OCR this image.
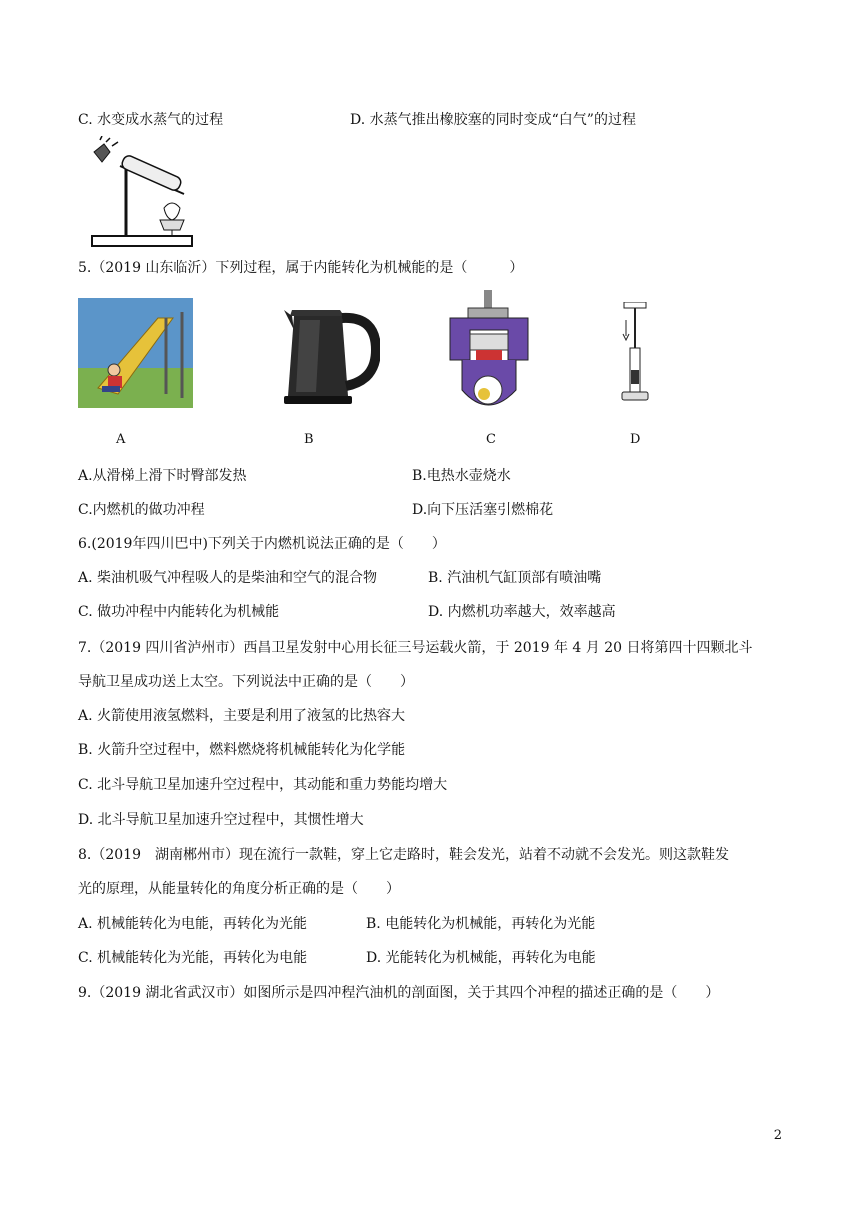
C. 水变成水蒸气的过程	D. 水蒸气推出橡胶塞的同时变成“白气”的过程
5.（2019 山东临沂）下列过程，属于内能转化为机械能的是（　　　）
A	B	C	D
A.从滑梯上滑下时臀部发热	B.电热水壶烧水
C.内燃机的做功冲程	D.向下压活塞引燃棉花
6.(2019年四川巴中)下列关于内燃机说法正确的是（　　）
A. 柴油机吸气冲程吸人的是柴油和空气的混合物	B. 汽油机气缸顶部有喷油嘴
C. 做功冲程中内能转化为机械能	D. 内燃机功率越大，效率越高
7.（2019 四川省泸州市）西昌卫星发射中心用长征三号运载火箭，于 2019 年 4 月 20 日将第四十四颗北斗
导航卫星成功送上太空。下列说法中正确的是（　　）
A. 火箭使用液氢燃料，主要是利用了液氢的比热容大
B. 火箭升空过程中，燃料燃烧将机械能转化为化学能
C. 北斗导航卫星加速升空过程中，其动能和重力势能均增大
D. 北斗导航卫星加速升空过程中，其惯性增大
8.（2019　湖南郴州市）现在流行一款鞋，穿上它走路时，鞋会发光，站着不动就不会发光。则这款鞋发
光的原理，从能量转化的角度分析正确的是（　　）
A. 机械能转化为电能，再转化为光能	B. 电能转化为机械能，再转化为光能
C. 机械能转化为光能，再转化为电能	D. 光能转化为机械能，再转化为电能
9.（2019 湖北省武汉市）如图所示是四冲程汽油机的剖面图，关于其四个冲程的描述正确的是（　　）
2
